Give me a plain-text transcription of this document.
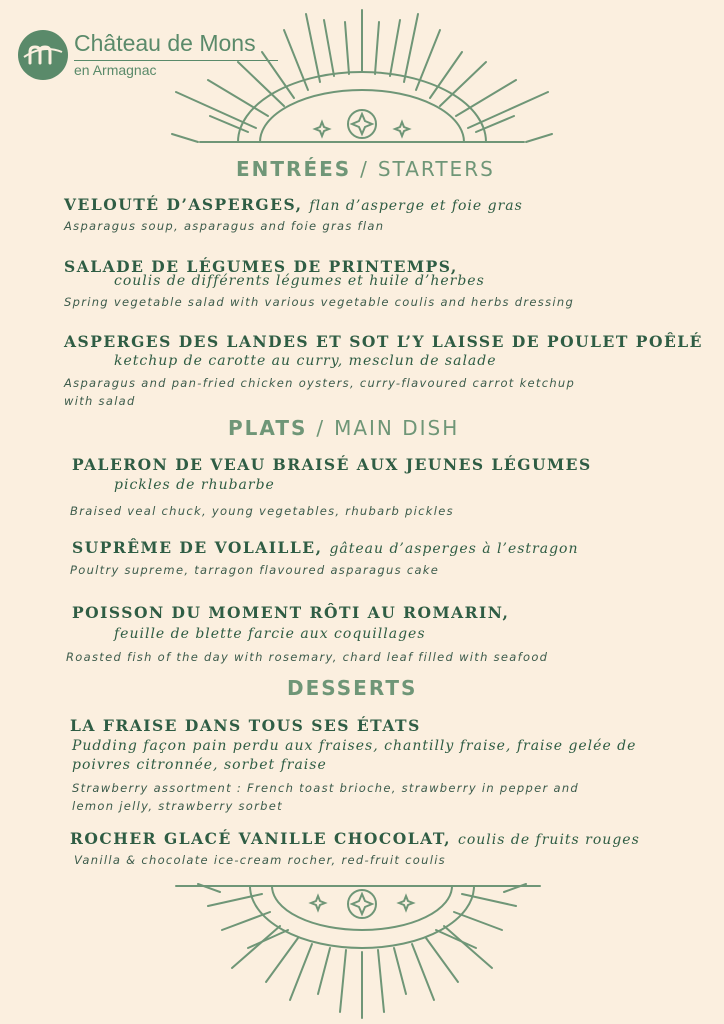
Château de Mons
en Armagnac
ENTRÉES / STARTERS
VELOUTÉ D’ASPERGES, flan d’asperge et foie gras
Asparagus soup, asparagus and foie gras flan
SALADE DE LÉGUMES DE PRINTEMPS,
coulis de différents légumes et huile d’herbes
Spring vegetable salad with various vegetable coulis and herbs dressing
ASPERGES DES LANDES ET SOT L’Y LAISSE DE POULET POÊLÉ
ketchup de carotte au curry, mesclun de salade
Asparagus and pan-fried chicken oysters, curry-flavoured carrot ketchup
with salad
PLATS / MAIN DISH
PALERON DE VEAU BRAISÉ AUX JEUNES LÉGUMES
pickles de rhubarbe
Braised veal chuck, young vegetables, rhubarb pickles
SUPRÊME DE VOLAILLE, gâteau d’asperges à l’estragon
Poultry supreme, tarragon flavoured asparagus cake
POISSON DU MOMENT RÔTI AU ROMARIN,
feuille de blette farcie aux coquillages
Roasted fish of the day with rosemary, chard leaf filled with seafood
DESSERTS
LA FRAISE DANS TOUS SES ÉTATS
Pudding façon pain perdu aux fraises, chantilly fraise, fraise gelée de
poivres citronnée, sorbet fraise
Strawberry assortment : French toast brioche, strawberry in pepper and
lemon jelly, strawberry sorbet
ROCHER GLACÉ VANILLE CHOCOLAT, coulis de fruits rouges
Vanilla & chocolate ice-cream rocher, red-fruit coulis
